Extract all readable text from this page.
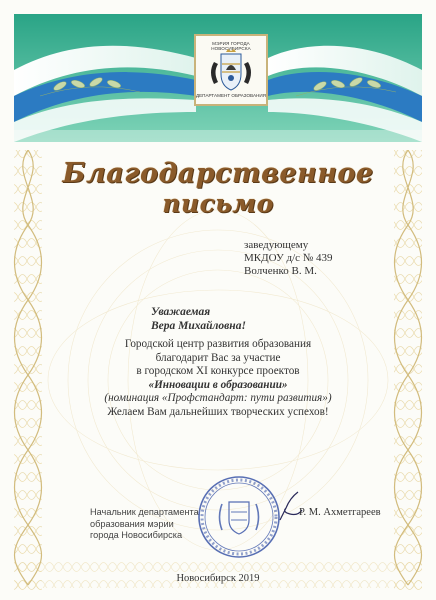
МЭРИЯ ГОРОДА НОВОСИБИРСКА
ДЕПАРТАМЕНТ ОБРАЗОВАНИЯ
Благодарственное
письмо
заведующему
МКДОУ д/с № 439
Волченко В. М.
Уважаемая
Вера Михайловна!
Городской центр развития образования
благодарит Вас за участие
в городском XI конкурсе проектов
«Инновации в образовании»
(номинация «Профстандарт: пути развития»)
Желаем Вам дальнейших творческих успехов!
Начальник департамента
образования мэрии
города Новосибирска
Р. М. Ахметгареев
Новосибирск 2019
